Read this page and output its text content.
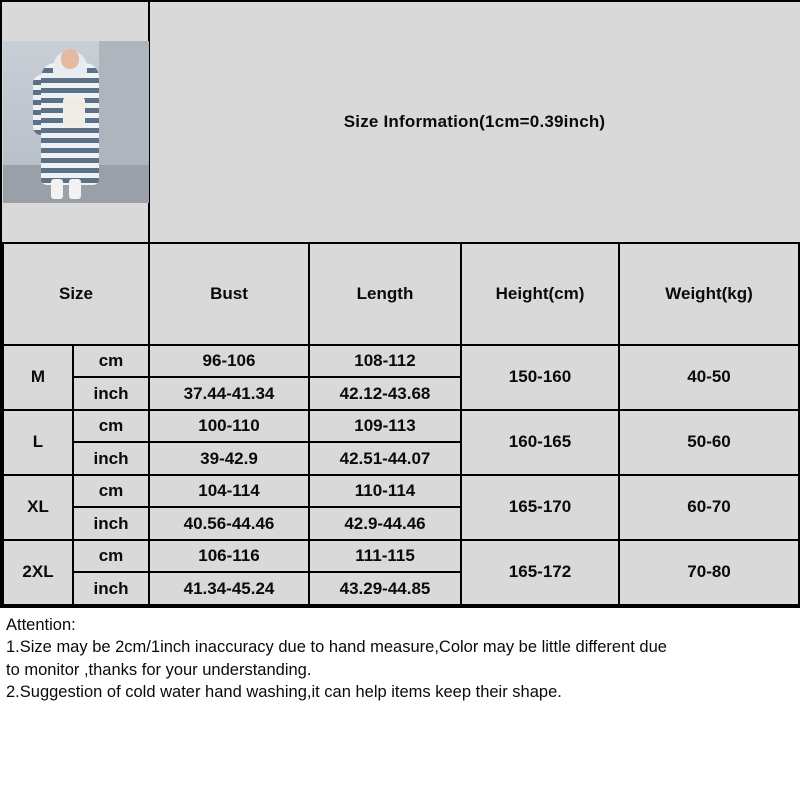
		Size Information(1cm=0.39inch)			
Size		Bust	Length	Height(cm)	Weight(kg)
M	cm	96-106	108-112	150-160	40-50
	inch	37.44-41.34	42.12-43.68		
L	cm	100-110	109-113	160-165	50-60
	inch	39-42.9	42.51-44.07		
XL	cm	104-114	110-114	165-170	60-70
	inch	40.56-44.46	42.9-44.46		
2XL	cm	106-116	111-115	165-172	70-80
	inch	41.34-45.24	43.29-44.85		
Attention:
1.Size may be 2cm/1inch inaccuracy due to hand measure,Color may be little different due
to monitor ,thanks for your understanding.
2.Suggestion of cold water hand washing,it can help items keep their shape.
